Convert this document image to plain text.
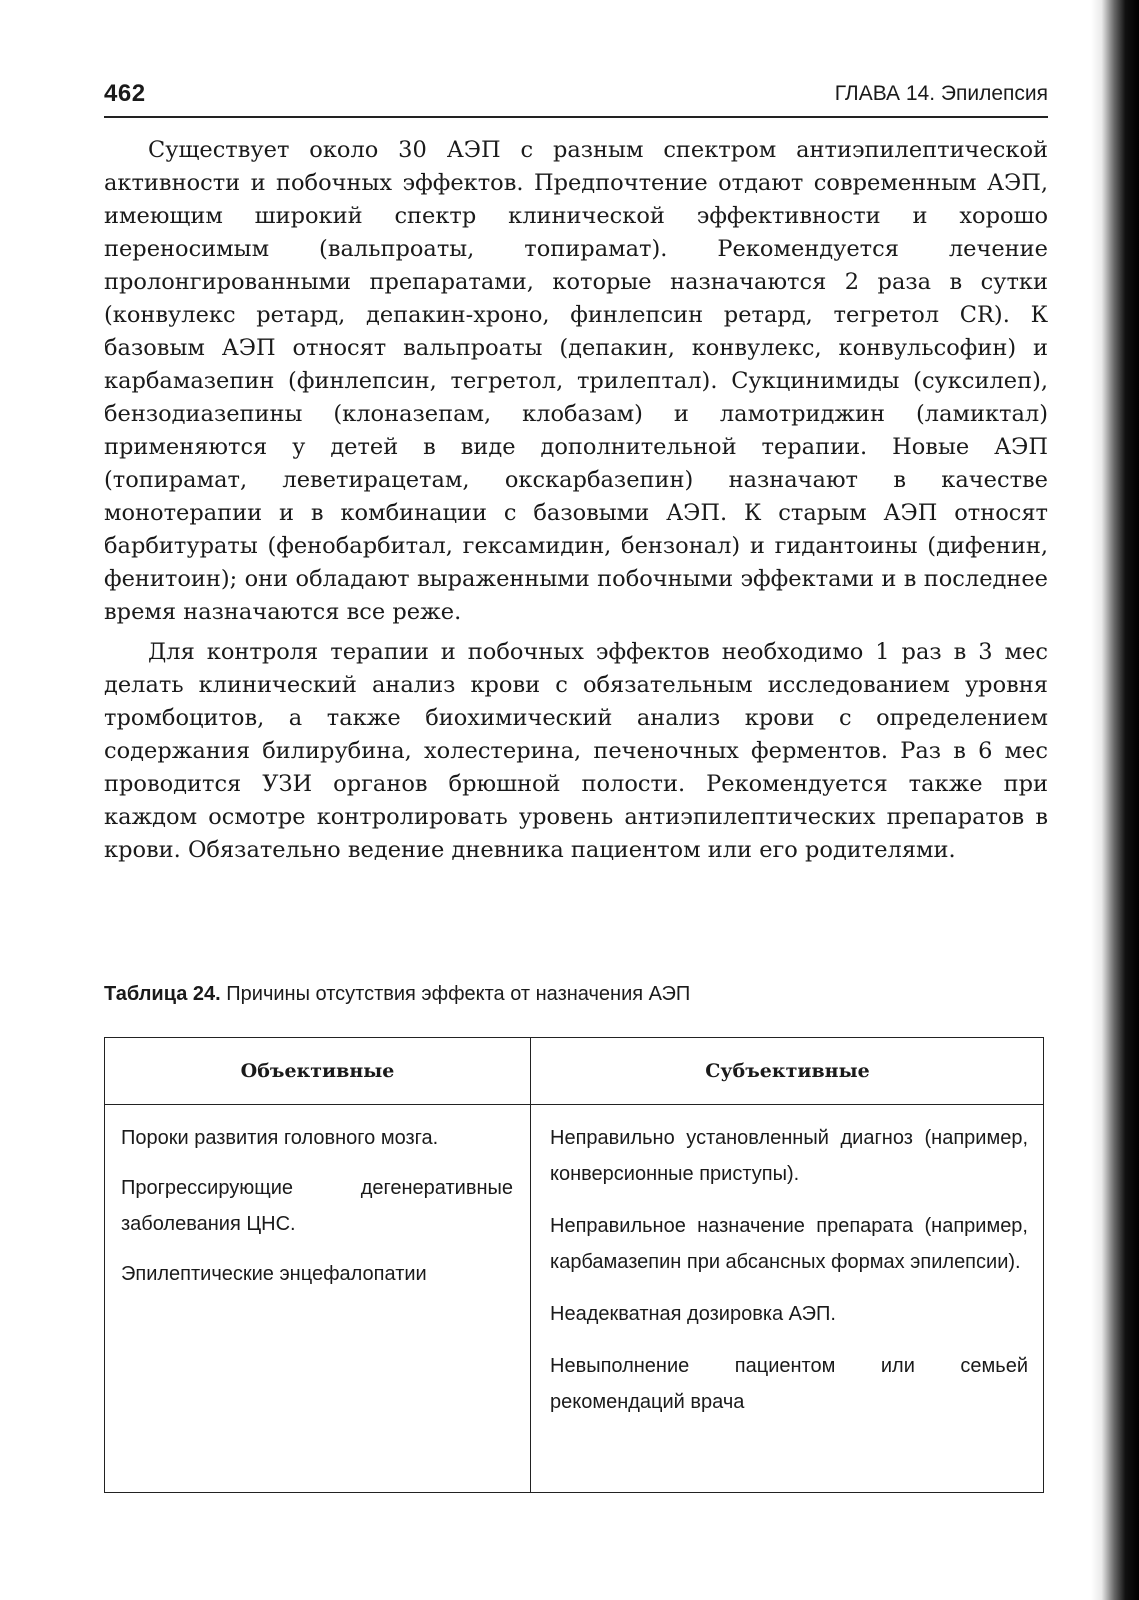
462	ГЛАВА 14. Эпилепсия

Существует около 30 АЭП с разным спектром антиэпилептической активности и побочных эффектов. Предпочтение отдают современным АЭП, имеющим широкий спектр клинической эффективности и хорошо переносимым (вальпроаты, топирамат). Рекомендуется лечение пролонгированными препаратами, которые назначаются 2 раза в сутки (конвулекс ретард, депакин-хроно, финлепсин ретард, тегретол CR). К базовым АЭП относят вальпроаты (депакин, конвулекс, конвульсофин) и карбамазепин (финлепсин, тегретол, трилептал). Сукцинимиды (суксилеп), бензодиазепины (клоназепам, клобазам) и ламотриджин (ламиктал) применяются у детей в виде дополнительной терапии. Новые АЭП (топирамат, леветирацетам, окскарбазепин) назначают в качестве монотерапии и в комбинации с базовыми АЭП. К старым АЭП относят барбитураты (фенобарбитал, гексамидин, бензонал) и гидантоины (дифенин, фенитоин); они обладают выраженными побочными эффектами и в последнее время назначаются все реже.

Для контроля терапии и побочных эффектов необходимо 1 раз в 3 мес делать клинический анализ крови с обязательным исследованием уровня тромбоцитов, а также биохимический анализ крови с определением содержания билирубина, холестерина, печеночных ферментов. Раз в 6 мес проводится УЗИ органов брюшной полости. Рекомендуется также при каждом осмотре контролировать уровень антиэпилептических препаратов в крови. Обязательно ведение дневника пациентом или его родителями.

Таблица 24. Причины отсутствия эффекта от назначения АЭП
Объективные	Субъективные

Пороки развития головного мозга.

Прогрессирующие дегенеративные заболевания ЦНС.

Эпилептические энцефалопатии

Неправильно установленный диагноз (например, конверсионные приступы).

Неправильное назначение препарата (например, карбамазепин при абсансных формах эпилепсии).

Неадекватная дозировка АЭП.

Невыполнение пациентом или семьей рекомендаций врача
